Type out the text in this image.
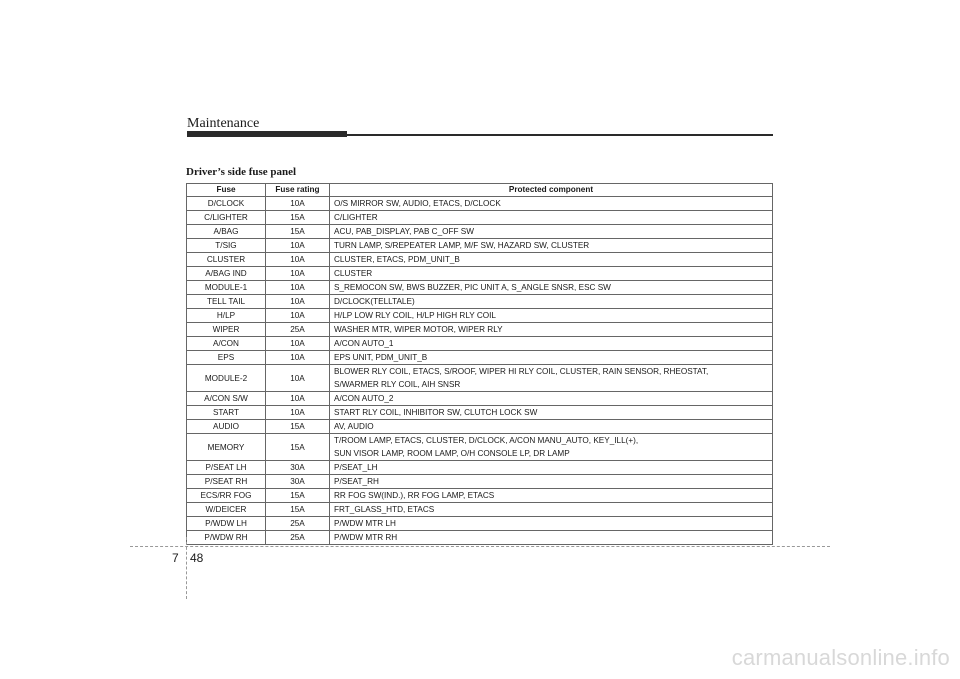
Maintenance
Driver’s side fuse panel
Fuse	Fuse rating	Protected component
D/CLOCK	10A	O/S MIRROR SW, AUDIO, ETACS, D/CLOCK

C/LIGHTER	15A	C/LIGHTER

A/BAG	15A	ACU, PAB_DISPLAY, PAB C_OFF SW

T/SIG	10A	TURN LAMP, S/REPEATER LAMP, M/F SW, HAZARD SW, CLUSTER

CLUSTER	10A	CLUSTER, ETACS, PDM_UNIT_B

A/BAG IND	10A	CLUSTER

MODULE-1	10A	S_REMOCON SW, BWS BUZZER, PIC UNIT A, S_ANGLE SNSR, ESC SW

TELL TAIL	10A	D/CLOCK(TELLTALE)

H/LP	10A	H/LP LOW RLY COIL, H/LP HIGH RLY COIL

WIPER	25A	WASHER MTR, WIPER MOTOR, WIPER RLY

A/CON	10A	A/CON AUTO_1

EPS	10A	EPS UNIT, PDM_UNIT_B

MODULE-2	10A	BLOWER RLY COIL, ETACS, S/ROOF, WIPER HI RLY COIL, CLUSTER, RAIN SENSOR, RHEOSTAT,
S/WARMER RLY COIL, AIH SNSR

A/CON S/W	10A	A/CON AUTO_2

START	10A	START RLY COIL, INHIBITOR SW, CLUTCH LOCK SW

AUDIO	15A	AV, AUDIO

MEMORY	15A	T/ROOM LAMP, ETACS, CLUSTER, D/CLOCK, A/CON MANU_AUTO, KEY_ILL(+),
SUN VISOR LAMP, ROOM LAMP, O/H CONSOLE LP, DR LAMP

P/SEAT LH	30A	P/SEAT_LH

P/SEAT RH	30A	P/SEAT_RH

ECS/RR FOG	15A	RR FOG SW(IND.), RR FOG LAMP, ETACS

W/DEICER	15A	FRT_GLASS_HTD, ETACS

P/WDW LH	25A	P/WDW MTR LH

P/WDW RH	25A	P/WDW MTR RH
7 48
carmanualsonline.info
